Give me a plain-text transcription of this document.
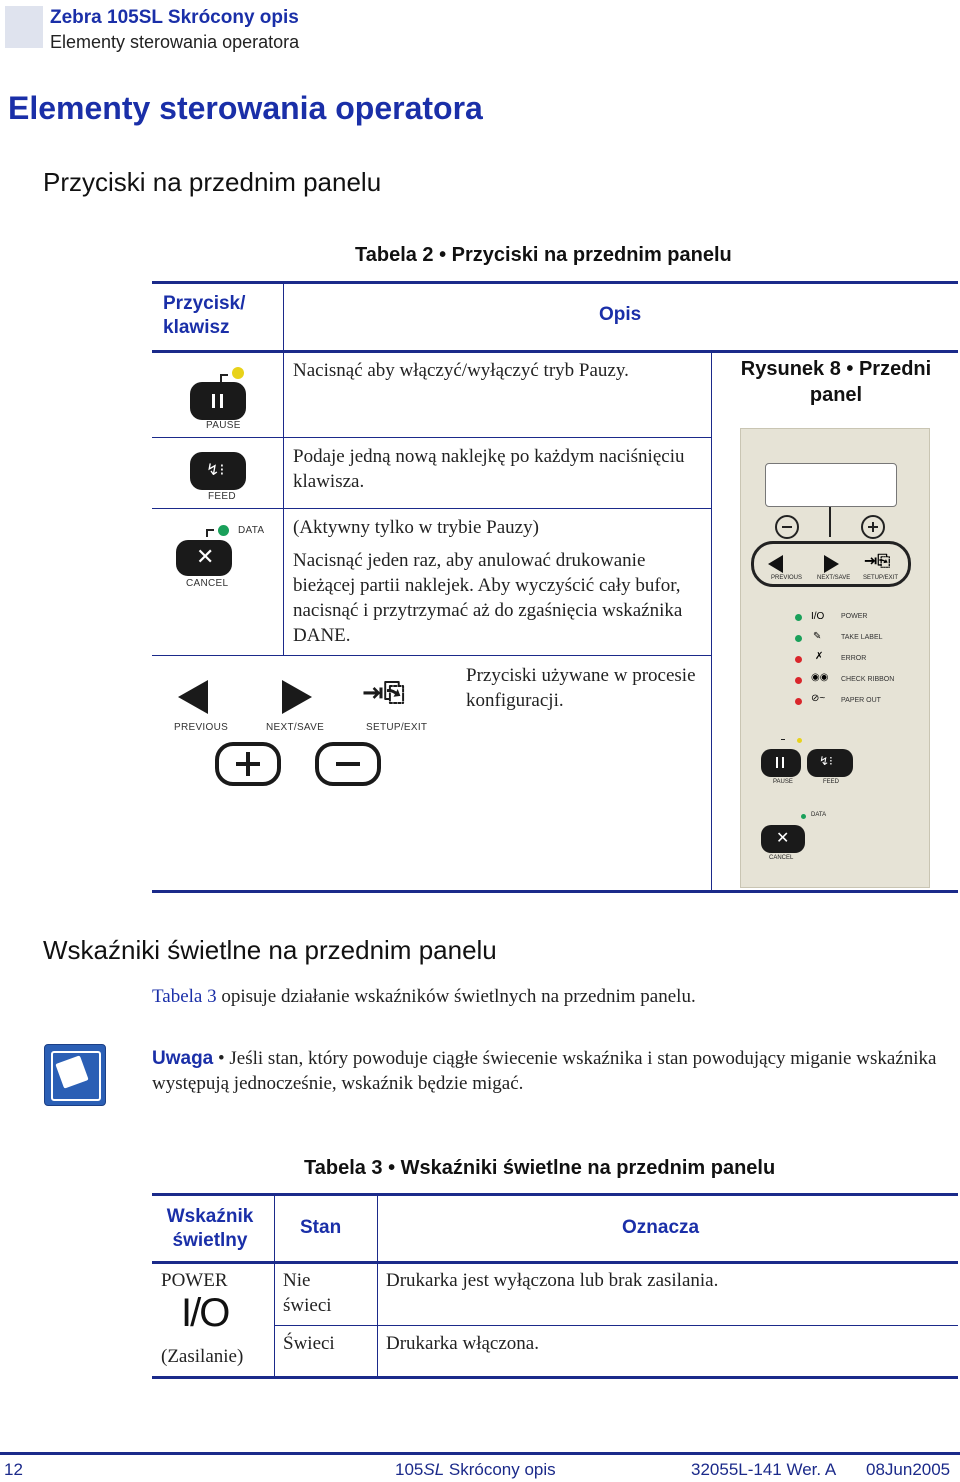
Zebra 105SL Skrócony opis
Elementy sterowania operatora
Elementy sterowania operatora
Przyciski na przednim panelu
Tabela 2 • Przyciski na przednim panelu
Przycisk/ klawisz
Opis
PAUSE
Nacisnąć aby włączyć/wyłączyć tryb Pauzy.
↯⁝
FEED
Podaje jedną nową naklejkę po każdym naciśnięciu klawisza.
DATA
✕
CANCEL
(Aktywny tylko w trybie Pauzy)
Nacisnąć jeden raz, aby anulować drukowanie bieżącej partii naklejek. Aby wyczyścić cały bufor, nacisnąć i przytrzymać aż do zgaśnięcia wskaźnika DANE.
⇥⎘
PREVIOUS	NEXT/SAVE	SETUP/EXIT
Przyciski używane w procesie konfiguracji.
Rysunek 8 • Przedni panel
⇥⎘
PREVIOUS NEXT/SAVE SETUP/EXIT
I/O POWER
✎	TAKE LABEL
✗	ERROR
◉◉ CHECK RIBBON
⊘~ PAPER OUT
↯⁝
PAUSE	FEED
DATA
✕
CANCEL
Wskaźniki świetlne na przednim panelu
Tabela 3 opisuje działanie wskaźników świetlnych na przednim panelu.
Uwaga • Jeśli stan, który powoduje ciągłe świecenie wskaźnika i stan powodujący miganie wskaźnika występują jednocześnie, wskaźnik będzie migać.
Tabela 3 • Wskaźniki świetlne na przednim panelu
Wskaźnik świetlny
Stan	Oznacza
POWER
I/O
(Zasilanie)
Nie świeci
Drukarka jest wyłączona lub brak zasilania.
Świeci	Drukarka włączona.
12	105SL Skrócony opis	32055L-141 Wer. A 08Jun2005
